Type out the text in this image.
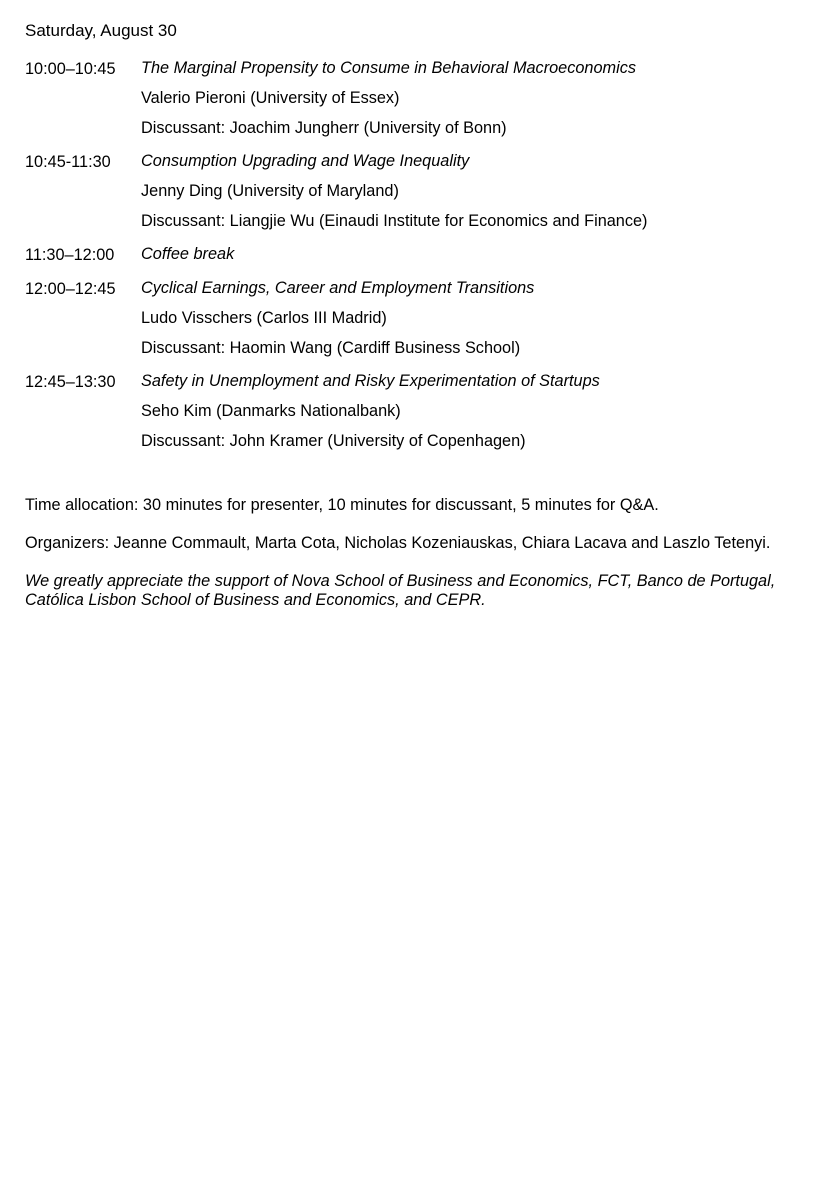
Saturday, August 30
10:00–10:45	The Marginal Propensity to Consume in Behavioral Macroeconomics
Valerio Pieroni (University of Essex)
Discussant: Joachim Jungherr (University of Bonn)
10:45-11:30	Consumption Upgrading and Wage Inequality
Jenny Ding (University of Maryland)
Discussant: Liangjie Wu (Einaudi Institute for Economics and Finance)
11:30–12:00	Coffee break
12:00–12:45	Cyclical Earnings, Career and Employment Transitions
Ludo Visschers (Carlos III Madrid)
Discussant: Haomin Wang (Cardiff Business School)
12:45–13:30	Safety in Unemployment and Risky Experimentation of Startups
Seho Kim (Danmarks Nationalbank)
Discussant: John Kramer (University of Copenhagen)

Time allocation: 30 minutes for presenter, 10 minutes for discussant, 5 minutes for Q&A.

Organizers: Jeanne Commault, Marta Cota, Nicholas Kozeniauskas, Chiara Lacava and Laszlo Tetenyi.

We greatly appreciate the support of Nova School of Business and Economics, FCT, Banco de Portugal, Católica Lisbon School of Business and Economics, and CEPR.
